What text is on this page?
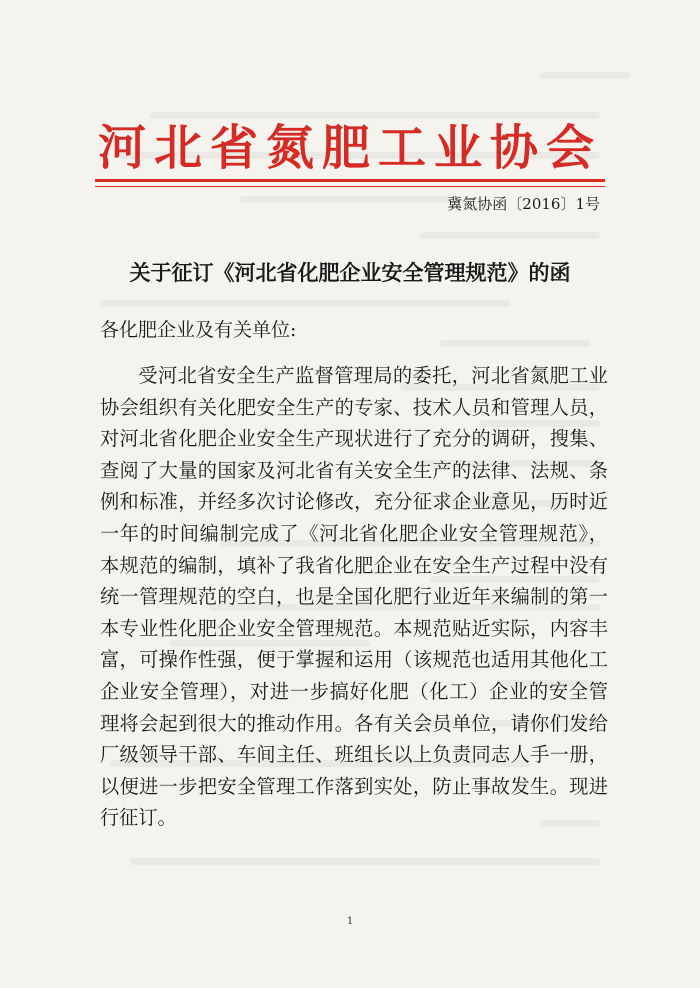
河北省氮肥工业协会
冀氮协函〔2016〕1号
关于征订《河北省化肥企业安全管理规范》的函
各化肥企业及有关单位:
受河北省安全生产监督管理局的委托，河北省氮肥工业协会组织有关化肥安全生产的专家、技术人员和管理人员，对河北省化肥企业安全生产现状进行了充分的调研，搜集、查阅了大量的国家及河北省有关安全生产的法律、法规、条例和标准，并经多次讨论修改，充分征求企业意见，历时近一年的时间编制完成了《河北省化肥企业安全管理规范》，本规范的编制，填补了我省化肥企业在安全生产过程中没有统一管理规范的空白，也是全国化肥行业近年来编制的第一本专业性化肥企业安全管理规范。本规范贴近实际，内容丰富，可操作性强，便于掌握和运用（该规范也适用其他化工企业安全管理），对进一步搞好化肥（化工）企业的安全管理将会起到很大的推动作用。各有关会员单位，请你们发给厂级领导干部、车间主任、班组长以上负责同志人手一册，以便进一步把安全管理工作落到实处，防止事故发生。现进行征订。
1
